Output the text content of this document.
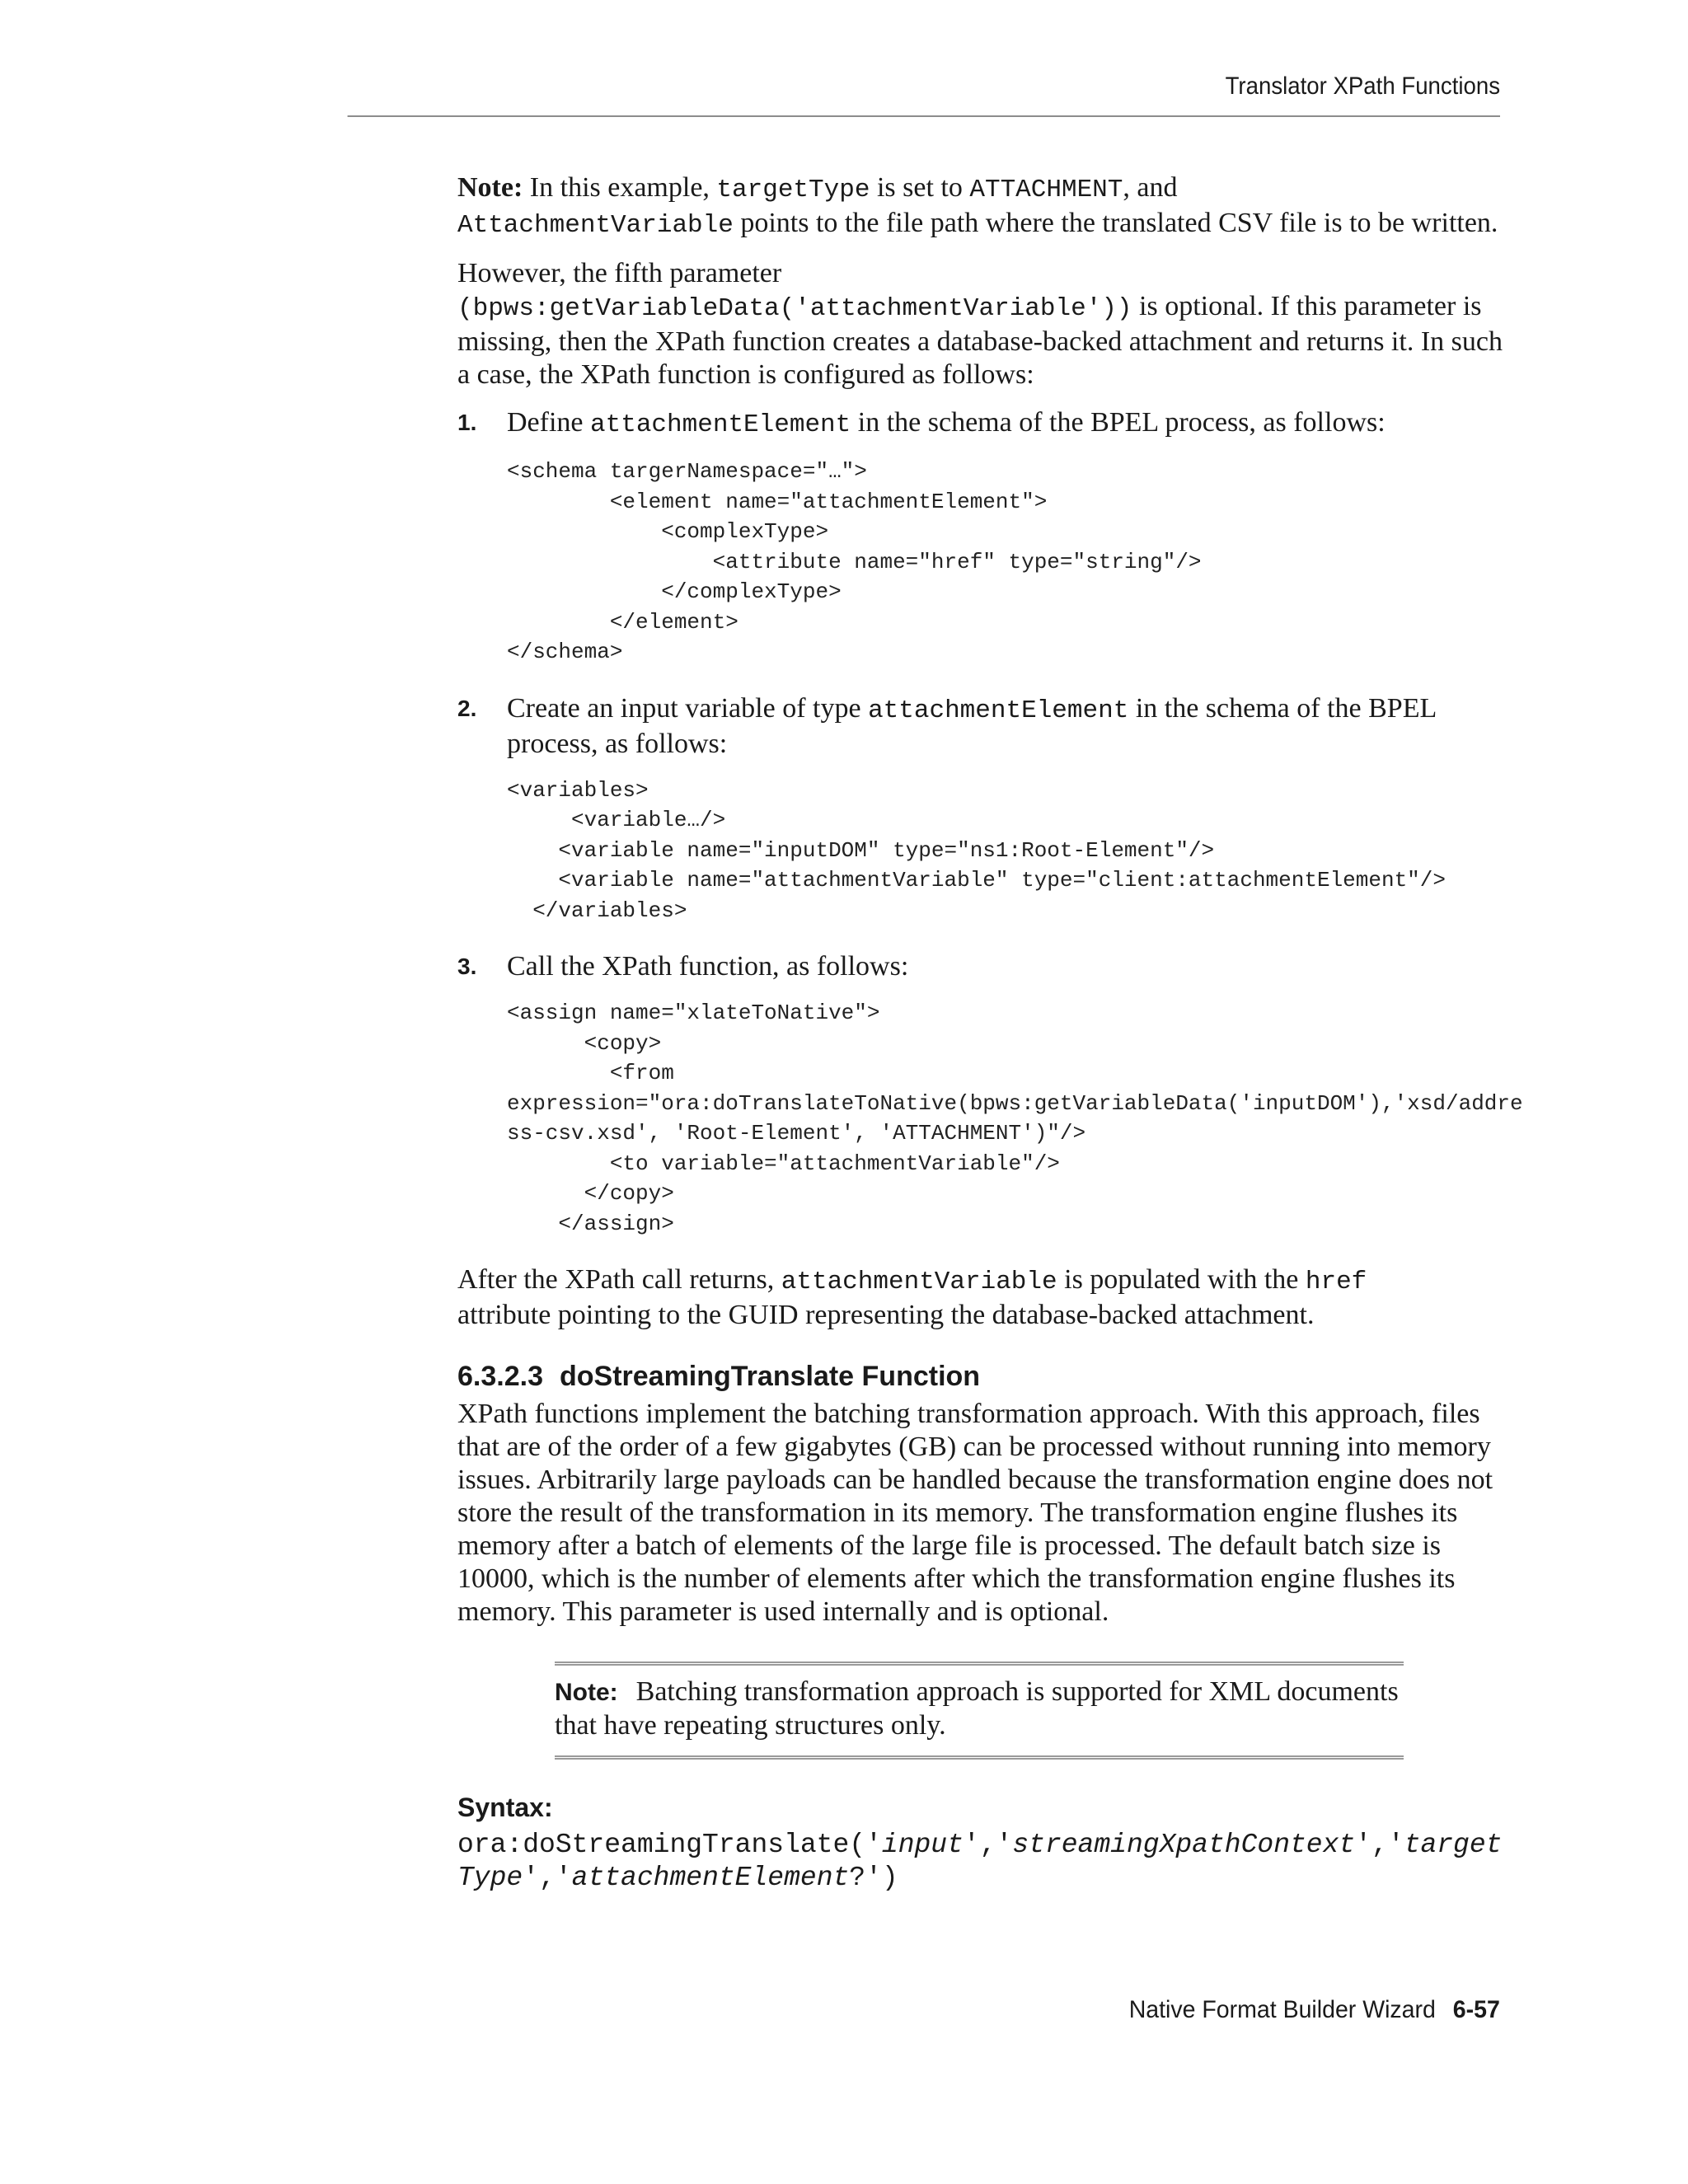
Translator XPath Functions

Note: In this example, targetType is set to ATTACHMENT, and
AttachmentVariable points to the file path where the translated CSV file is to be written.

However, the fifth parameter
(bpws:getVariableData('attachmentVariable')) is optional. If this parameter is missing, then the XPath function creates a database-backed attachment and returns it. In such a case, the XPath function is configured as follows:

1. Define attachmentElement in the schema of the BPEL process, as follows:

<schema targerNamespace="…">
<element name="attachmentElement">
<complexType>
<attribute name="href" type="string"/>
</complexType>
</element>
</schema>
2. Create an input variable of type attachmentElement in the schema of the BPEL process, as follows:

<variables>
<variable…/>
<variable name="inputDOM" type="ns1:Root-Element"/>
<variable name="attachmentVariable" type="client:attachmentElement"/>
</variables>
3. Call the XPath function, as follows:

<assign name="xlateToNative">
<copy>
<from
expression="ora:doTranslateToNative(bpws:getVariableData('inputDOM'),'xsd/addre
ss-csv.xsd', 'Root-Element', 'ATTACHMENT')"/>
<to variable="attachmentVariable"/>
</copy>
</assign>

After the XPath call returns, attachmentVariable is populated with the href
attribute pointing to the GUID representing the database-backed attachment.

6.3.2.3 doStreamingTranslate Function

XPath functions implement the batching transformation approach. With this approach, files that are of the order of a few gigabytes (GB) can be processed without running into memory issues. Arbitrarily large payloads can be handled because the transformation engine does not store the result of the transformation in its memory. The transformation engine flushes its memory after a batch of elements of the large file is processed. The default batch size is 10000, which is the number of elements after which the transformation engine flushes its memory. This parameter is used internally and is optional.

Note: Batching transformation approach is supported for XML documents that have repeating structures only.

Syntax:
ora:doStreamingTranslate('input','streamingXpathContext','target
Type','attachmentElement?')
Native Format Builder Wizard 6-57
